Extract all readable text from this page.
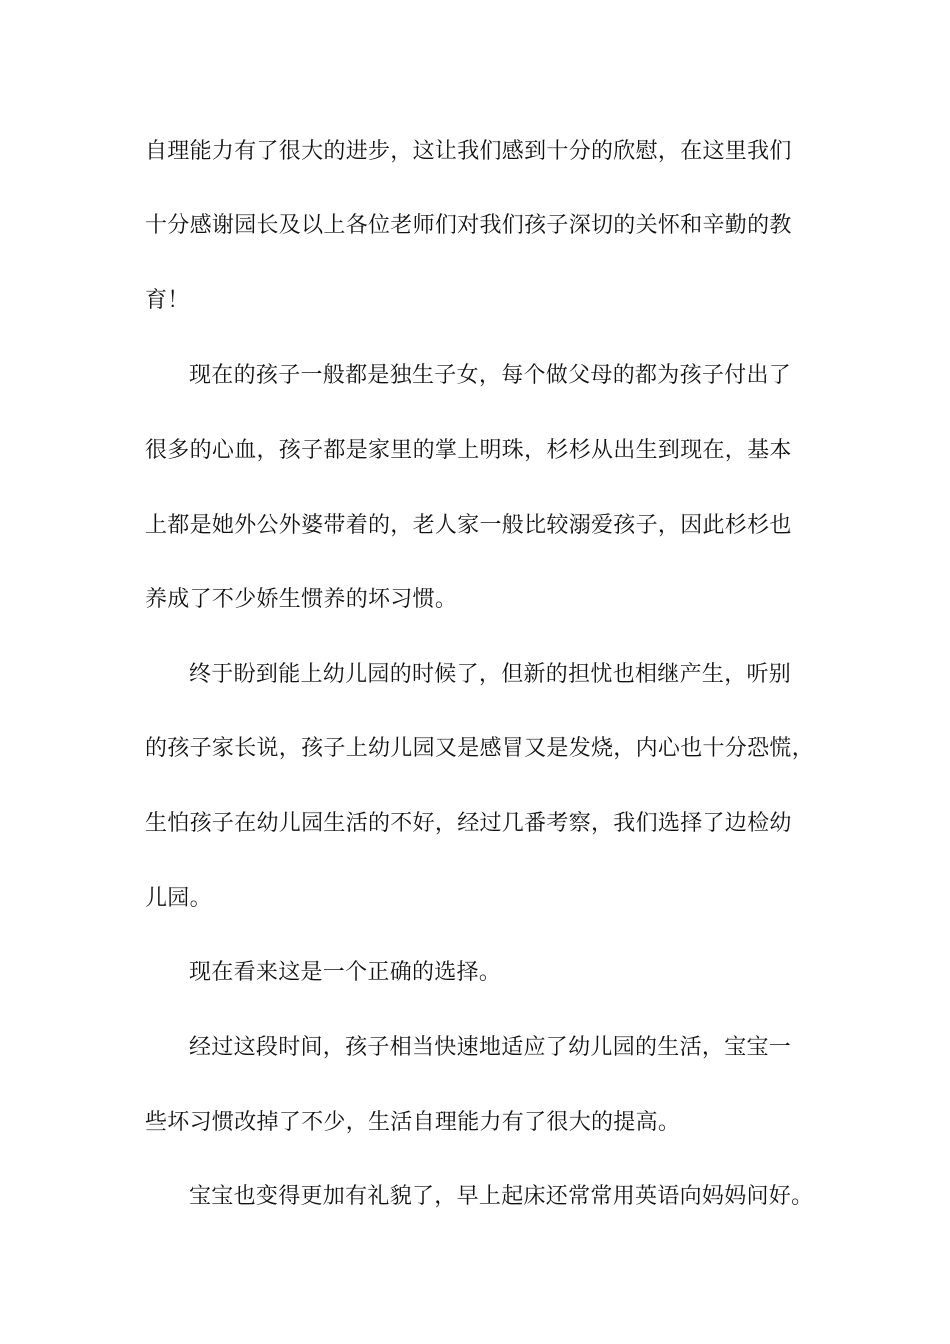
自理能力有了很大的进步，这让我们感到十分的欣慰，在这里我们
十分感谢园长及以上各位老师们对我们孩子深切的关怀和辛勤的教
育！
现在的孩子一般都是独生子女，每个做父母的都为孩子付出了
很多的心血，孩子都是家里的掌上明珠，杉杉从出生到现在，基本
上都是她外公外婆带着的，老人家一般比较溺爱孩子，因此杉杉也
养成了不少娇生惯养的坏习惯。
终于盼到能上幼儿园的时候了，但新的担忧也相继产生，听别
的孩子家长说，孩子上幼儿园又是感冒又是发烧，内心也十分恐慌，
生怕孩子在幼儿园生活的不好，经过几番考察，我们选择了边检幼
儿园。
现在看来这是一个正确的选择。
经过这段时间，孩子相当快速地适应了幼儿园的生活，宝宝一
些坏习惯改掉了不少，生活自理能力有了很大的提高。
宝宝也变得更加有礼貌了，早上起床还常常用英语向妈妈问好。
